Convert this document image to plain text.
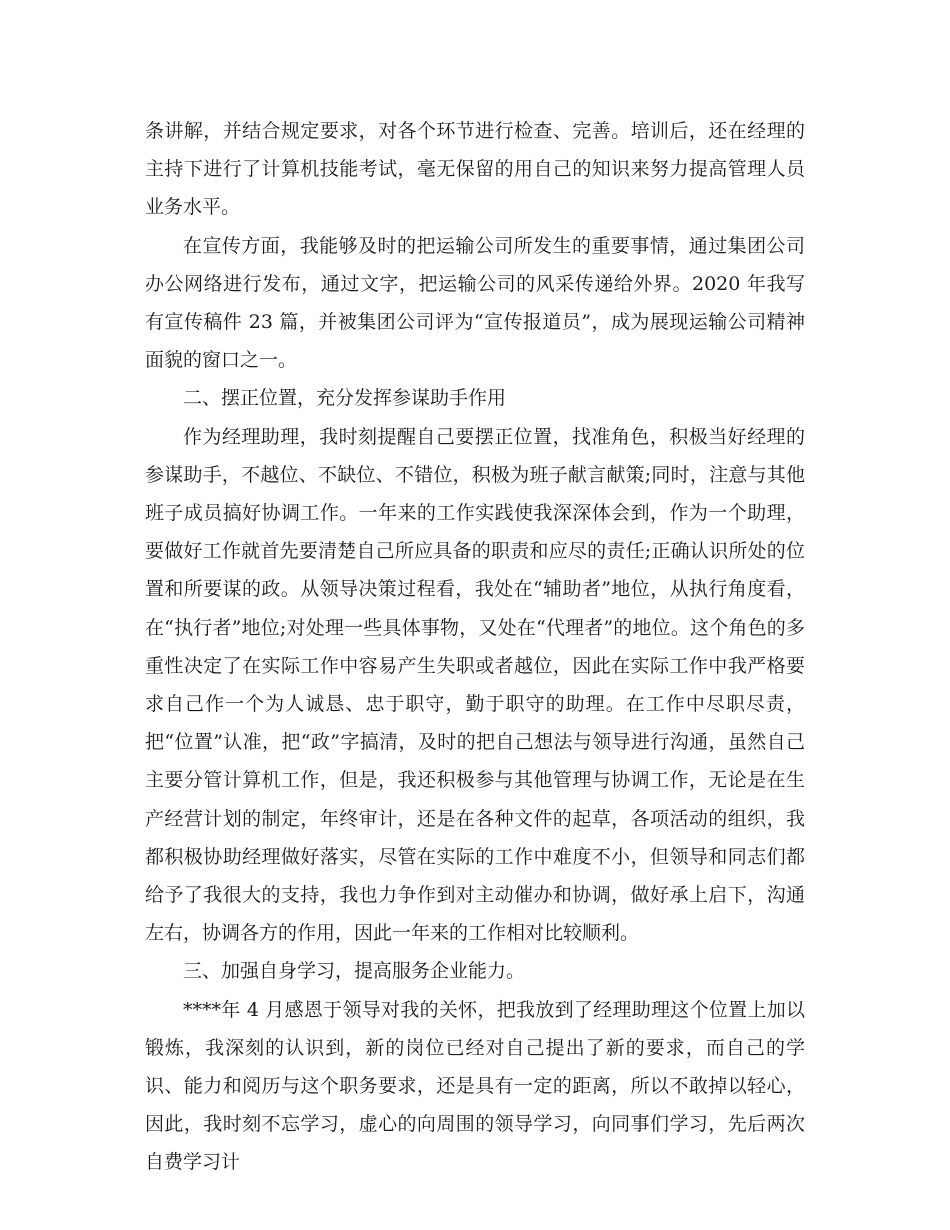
条讲解，并结合规定要求，对各个环节进行检查、完善。培训后，还在经理的主持下进行了计算机技能考试，毫无保留的用自己的知识来努力提高管理人员业务水平。

在宣传方面，我能够及时的把运输公司所发生的重要事情，通过集团公司办公网络进行发布，通过文字，把运输公司的风采传递给外界。2020 年我写有宣传稿件 23 篇，并被集团公司评为“宣传报道员”，成为展现运输公司精神面貌的窗口之一。

二、摆正位置，充分发挥参谋助手作用

作为经理助理，我时刻提醒自己要摆正位置，找准角色，积极当好经理的参谋助手，不越位、不缺位、不错位，积极为班子献言献策;同时，注意与其他班子成员搞好协调工作。一年来的工作实践使我深深体会到，作为一个助理，要做好工作就首先要清楚自己所应具备的职责和应尽的责任;正确认识所处的位置和所要谋的政。从领导决策过程看，我处在“辅助者”地位，从执行角度看，在“执行者”地位;对处理一些具体事物，又处在“代理者”的地位。这个角色的多重性决定了在实际工作中容易产生失职或者越位，因此在实际工作中我严格要求自己作一个为人诚恳、忠于职守，勤于职守的助理。在工作中尽职尽责，把“位置”认准，把“政”字搞清，及时的把自己想法与领导进行沟通，虽然自己主要分管计算机工作，但是，我还积极参与其他管理与协调工作，无论是在生产经营计划的制定，年终审计，还是在各种文件的起草，各项活动的组织，我都积极协助经理做好落实，尽管在实际的工作中难度不小，但领导和同志们都给予了我很大的支持，我也力争作到对主动催办和协调，做好承上启下，沟通左右，协调各方的作用，因此一年来的工作相对比较顺利。

三、加强自身学习，提高服务企业能力。

****年 4 月感恩于领导对我的关怀，把我放到了经理助理这个位置上加以锻炼，我深刻的认识到，新的岗位已经对自己提出了新的要求，而自己的学识、能力和阅历与这个职务要求，还是具有一定的距离，所以不敢掉以轻心，因此，我时刻不忘学习，虚心的向周围的领导学习，向同事们学习，先后两次自费学习计
